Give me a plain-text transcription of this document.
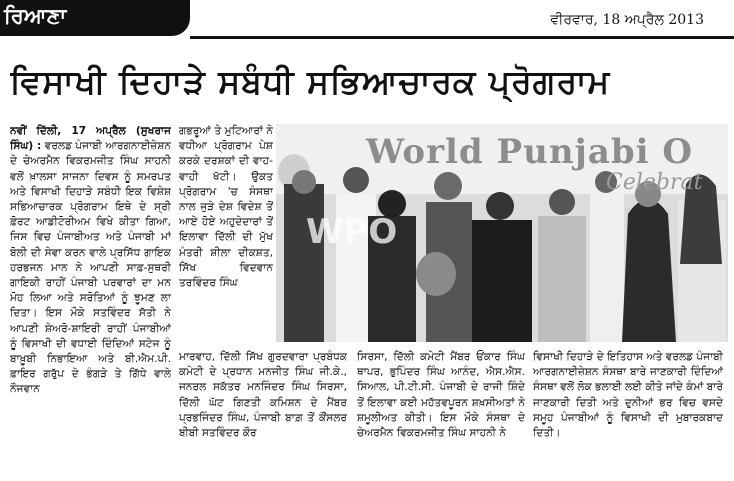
ਰਿਆਣਾ	ਵੀਰਵਾਰ, 18 ਅਪ੍ਰੈਲ 2013
ਵਿਸਾਖੀ ਦਿਹਾੜੇ ਸਬੰਧੀ ਸਭਿਆਚਾਰਕ ਪ੍ਰੋਗਰਾਮ
ਨਵੀਂ ਦਿੱਲੀ, 17 ਅਪ੍ਰੈਲ (ਸੁਖਰਾਜ ਸਿੰਘ) : ਵਰਲਡ ਪੰਜਾਬੀ ਆਰਗਨਾਈਜ਼ੇਸ਼ਨ ਦੇ ਚੇਅਰਮੈਨ ਵਿਕਰਮਜੀਤ ਸਿੰਘ ਸਾਹਨੀ ਵਲੋਂ ਖ਼ਾਲਸਾ ਸਾਜਨਾ ਦਿਵਸ ਨੂੰ ਸਮਰਪਤ ਅਤੇ ਵਿਸਾਖੀ ਦਿਹਾੜੇ ਸਬੰਧੀ ਇਕ ਵਿਸ਼ੇਸ਼ ਸਭਿਆਚਾਰਕ ਪ੍ਰੋਗਰਾਮ ਇਥੇ ਦੇ ਸ੍ਰੀ ਫ਼ੋਰਟ ਆਡੀਟੋਰੀਅਮ ਵਿਖੇ ਕੀਤਾ ਗਿਆ, ਜਿਸ ਵਿਚ ਪੰਜਾਬੀਅਤ ਅਤੇ ਪੰਜਾਬੀ ਮਾਂ ਬੋਲੀ ਦੀ ਸੇਵਾ ਕਰਨ ਵਾਲੇ ਪ੍ਰਸਿੱਧ ਗਾਇਕ ਹਰਭਜਨ ਮਾਨ ਨੇ ਆਪਣੀ ਸਾਫ਼-ਸੁਥਰੀ ਗਾਇਕੀ ਰਾਹੀਂ ਪੰਜਾਬੀ ਪਰਵਾਰਾਂ ਦਾ ਮਨ ਮੋਹ ਲਿਆ ਅਤੇ ਸਰੋਤਿਆਂ ਨੂੰ ਝੂਮਣ ਲਾ ਦਿਤਾ। ਇਸ ਮੌਕੇ ਸਤਵਿੰਦਰ ਸੱਤੀ ਨੇ ਆਪਣੀ ਸ਼ੇਅਰੋ-ਸ਼ਾਇਰੀ ਰਾਹੀਂ ਪੰਜਾਬੀਆਂ ਨੂੰ ਵਿਸਾਖੀ ਦੀ ਵਧਾਈ ਦਿੰਦਿਆਂ ਸਟੇਜ ਨੂੰ ਬਾਖ਼ੂਬੀ ਨਿਭਾਇਆ ਅਤੇ ਬੀ.ਐਮ.ਪੀ. ਫ਼ਾਇਰ ਗਰੁੱਪ ਦੇ ਭੰਗੜੇ ਤੇ ਗਿੱਧੇ ਵਾਲੇ ਨੌਜਵਾਨ
ਗਭਰੂਆਂ ਤੇ ਮੁਟਿਆਰਾਂ ਨੇ ਵਧੀਆ ਪ੍ਰੋਗਰਾਮ ਪੇਸ਼ ਕਰਕੇ ਦਰਸ਼ਕਾਂ ਦੀ ਵਾਹ-ਵਾਹੀ ਖੱਟੀ। ਉਕਤ ਪ੍ਰੋਗਰਾਮ 'ਚ ਸੰਸਥਾ ਨਾਲ ਜੁੜੇ ਦੇਸ਼ ਵਿਦੇਸ਼ ਤੋਂ ਆਏ ਹੋਏ ਅਹੁਦੇਦਾਰਾਂ ਤੋਂ ਇਲਾਵਾ ਦਿੱਲੀ ਦੀ ਮੁੱਖ ਮੰਤਰੀ ਸ਼ੀਲਾ ਦੀਕਸ਼ਤ, ਸਿੱਖ ਵਿਦਵਾਨ ਤਰਵਿੰਦਰ ਸਿੰਘ
World Punjabi O
Celebrat
WPO
ਮਾਰਵਾਹ, ਦਿੱਲੀ ਸਿੱਖ ਗੁਰਦਵਾਰਾ ਪ੍ਰਬੰਧਕ ਕਮੇਟੀ ਦੇ ਪ੍ਰਧਾਨ ਮਨਜੀਤ ਸਿੰਘ ਜੀ.ਕੇ., ਜਨਰਲ ਸਕੱਤਰ ਮਨਜਿੰਦਰ ਸਿੰਘ ਸਿਰਸਾ, ਦਿੱਲੀ ਘੱਟ ਗਿਣਤੀ ਕਮਿਸ਼ਨ ਦੇ ਮੈਂਬਰ ਪ੍ਰਭਜਿੰਦਰ ਸਿੰਘ, ਪੰਜਾਬੀ ਬਾਗ਼ ਤੋਂ ਕੌਂਸਲਰ ਬੀਬੀ ਸਤਵਿੰਦਰ ਕੌਰ
ਸਿਰਸਾ, ਦਿੱਲੀ ਕਮੇਟੀ ਮੈਂਬਰ ਓਂਕਾਰ ਸਿੰਘ ਥਾਪਰ, ਭੁਪਿੰਦਰ ਸਿੰਘ ਆਨੰਦ, ਐਸ.ਐਸ. ਸਿਆਲ, ਪੀ.ਟੀ.ਸੀ. ਪੰਜਾਬੀ ਦੇ ਰਾਜੀ ਸ਼ਿੰਦੇ ਤੋਂ ਇਲਾਵਾ ਕਈ ਮਹੱਤਵਪੂਰਨ ਸ਼ਖ਼ਸੀਅਤਾਂ ਨੇ ਸ਼ਮੂਲੀਅਤ ਕੀਤੀ। ਇਸ ਮੌਕੇ ਸੰਸਥਾ ਦੇ ਚੇਅਰਮੈਨ ਵਿਕਰਮਜੀਤ ਸਿੰਘ ਸਾਹਨੀ ਨੇ
ਵਿਸਾਖੀ ਦਿਹਾੜੇ ਦੇ ਇਤਿਹਾਸ ਅਤੇ ਵਰਲਡ ਪੰਜਾਬੀ ਆਰਗਨਾਈਜ਼ੇਸ਼ਨ ਸੰਸਥਾ ਬਾਰੇ ਜਾਣਕਾਰੀ ਦਿੰਦਿਆਂ ਸੰਸਥਾ ਵਲੋਂ ਲੋਕ ਭਲਾਈ ਲਈ ਕੀਤੇ ਜਾਂਦੇ ਕੰਮਾਂ ਬਾਰੇ ਜਾਣਕਾਰੀ ਦਿਤੀ ਅਤੇ ਦੁਨੀਆਂ ਭਰ ਵਿਚ ਵਸਦੇ ਸਮੂਹ ਪੰਜਾਬੀਆਂ ਨੂੰ ਵਿਸਾਖੀ ਦੀ ਮੁਬਾਰਕਬਾਦ ਦਿਤੀ।
